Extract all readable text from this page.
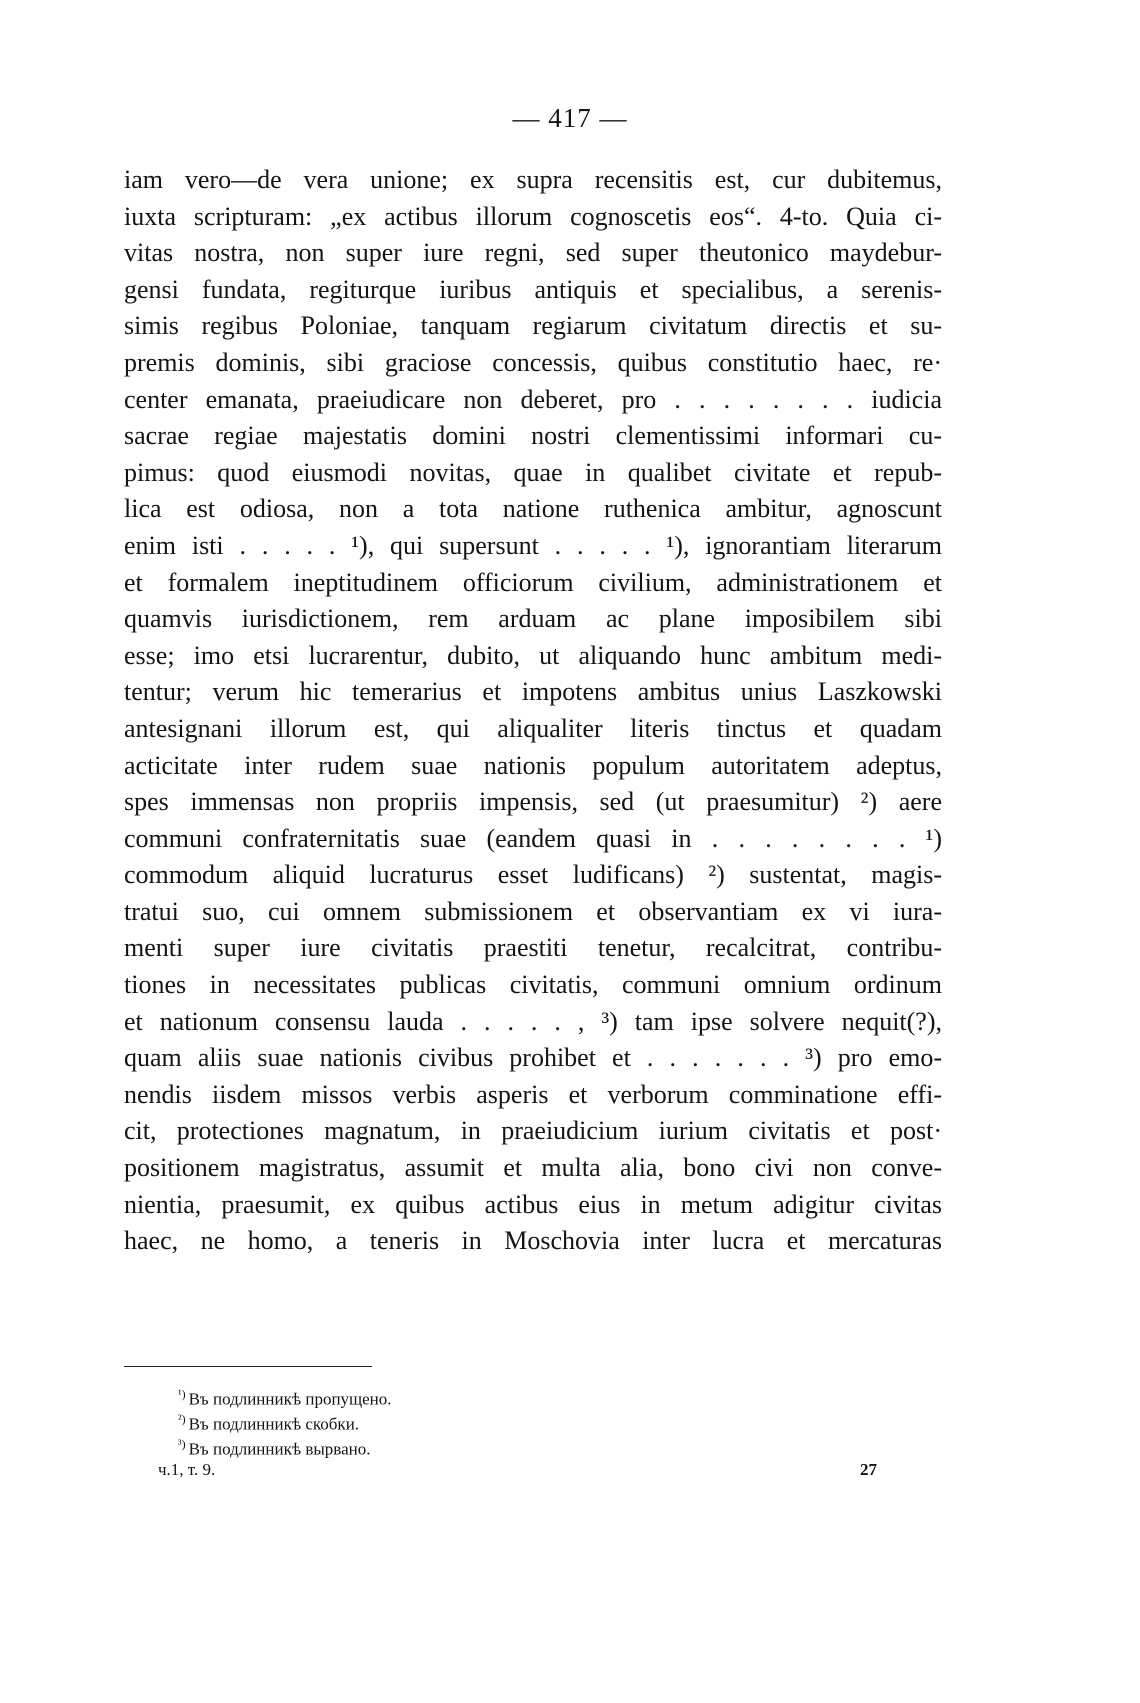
— 417 —
iam vero—de vera unione; ex supra recensitis est, cur dubitemus,
iuxta scripturam: „ex actibus illorum cognoscetis eos“. 4-to. Quia ci-
vitas nostra, non super iure regni, sed super theutonico maydebur-
gensi fundata, regiturque iuribus antiquis et specialibus, a serenis-
simis regibus Poloniae, tanquam regiarum civitatum directis et su-
premis dominis, sibi graciose concessis, quibus constitutio haec, re·
center emanata, praeiudicare non deberet, pro . . . . . . . . iudicia
sacrae regiae majestatis domini nostri clementissimi informari cu-
pimus: quod eiusmodi novitas, quae in qualibet civitate et repub-
lica est odiosa, non a tota natione ruthenica ambitur, agnoscunt
enim isti . . . . . ¹), qui supersunt . . . . . ¹), ignorantiam literarum
et formalem ineptitudinem officiorum civilium, administrationem et
quamvis iurisdictionem, rem arduam ac plane imposibilem sibi
esse; imo etsi lucrarentur, dubito, ut aliquando hunc ambitum medi-
tentur; verum hic temerarius et impotens ambitus unius Laszkowski
antesignani illorum est, qui aliqualiter literis tinctus et quadam
acticitate inter rudem suae nationis populum autoritatem adeptus,
spes immensas non propriis impensis, sed (ut praesumitur) ²) aere
communi confraternitatis suae (eandem quasi in . . . . . . . . ¹)
commodum aliquid lucraturus esset ludificans) ²) sustentat, magis-
tratui suo, cui omnem submissionem et observantiam ex vi iura-
menti super iure civitatis praestiti tenetur, recalcitrat, contribu-
tiones in necessitates publicas civitatis, communi omnium ordinum
et nationum consensu lauda . . . . . , ³) tam ipse solvere nequit(?),
quam aliis suae nationis civibus prohibet et . . . . . . . ³) pro emo-
nendis iisdem missos verbis asperis et verborum comminatione effi-
cit, protectiones magnatum, in praeiudicium iurium civitatis et post·
positionem magistratus, assumit et multa alia, bono civi non conve-
nientia, praesumit, ex quibus actibus eius in metum adigitur civitas
haec, ne homo, a teneris in Moschovia inter lucra et mercaturas
$^{^1)}$ Въ подлинникѣ пропущено.
$^{^2)}$ Въ подлинникѣ скобки.
$^{^3)}$ Въ подлинникѣ вырвано.
ч.1, т. 9.	27
